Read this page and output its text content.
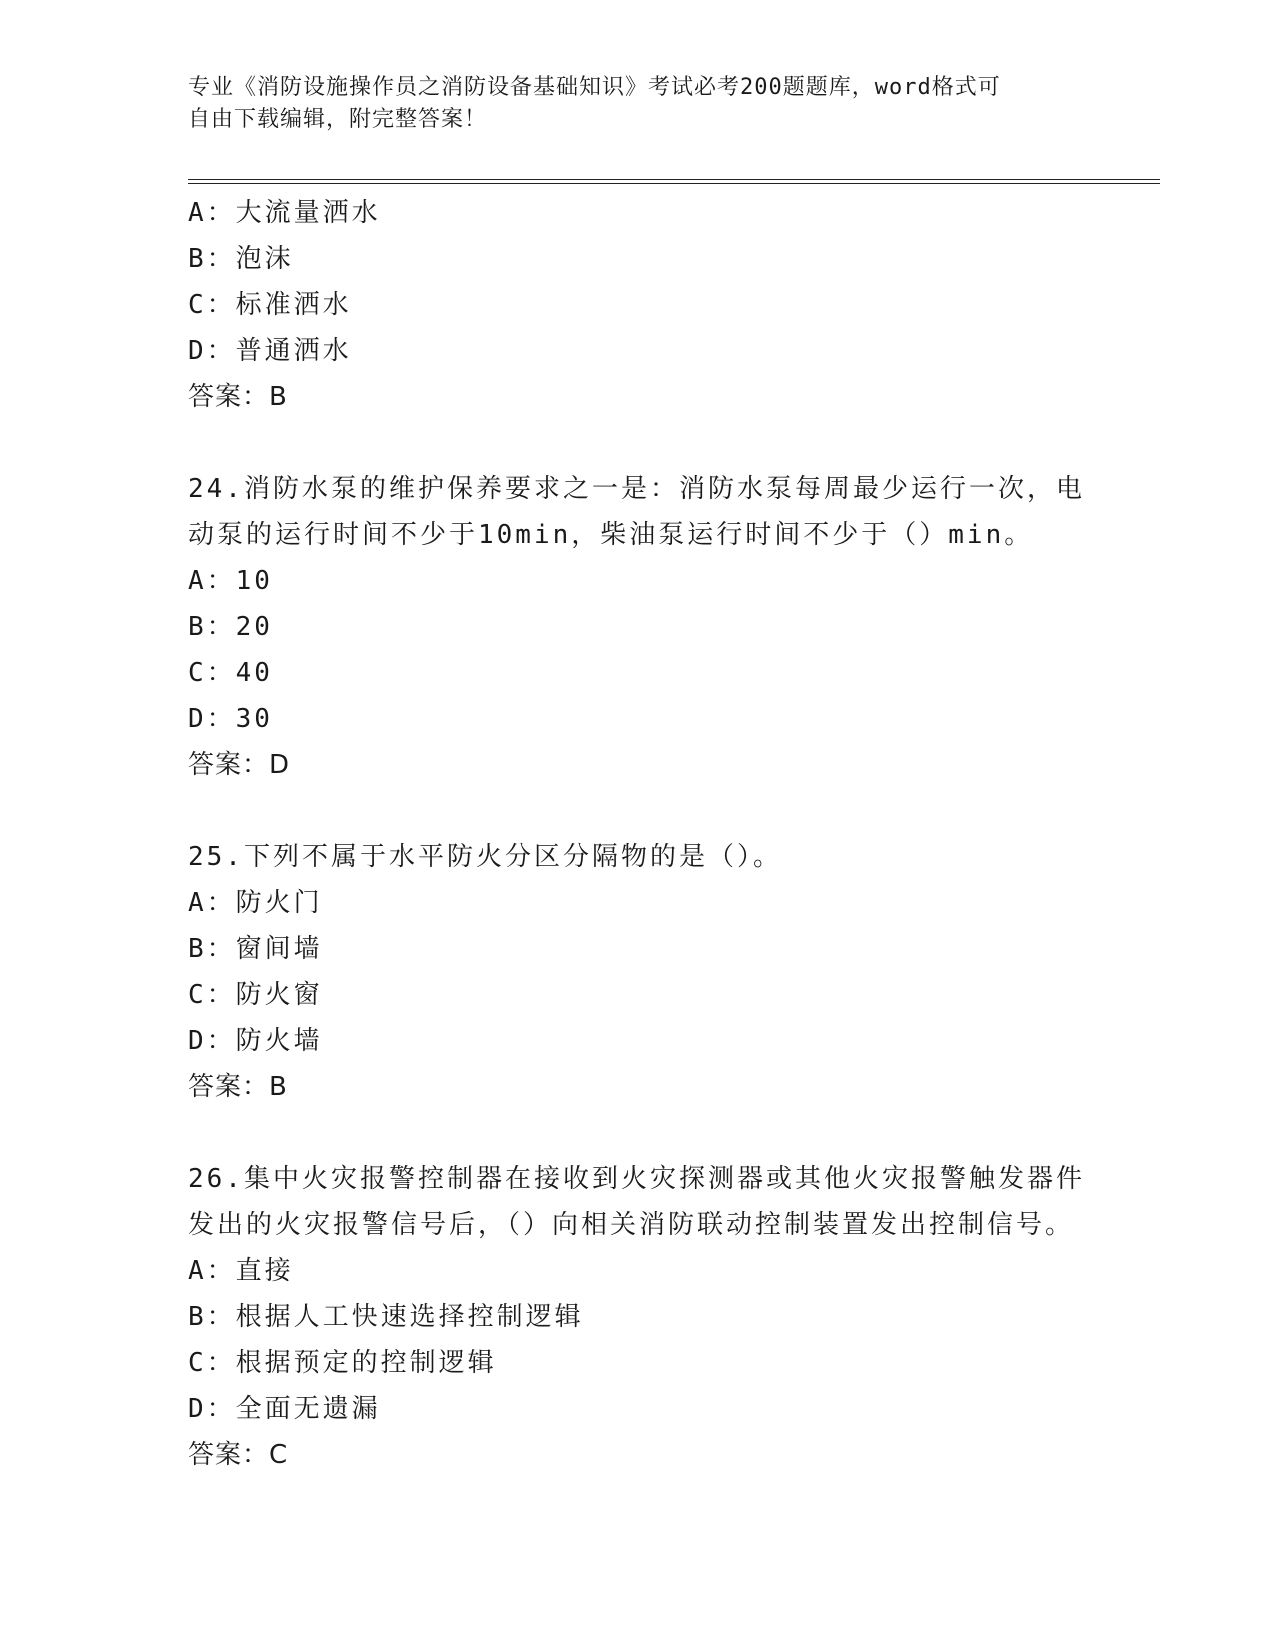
专业《消防设施操作员之消防设备基础知识》考试必考200题题库，word格式可
自由下载编辑，附完整答案！
A：大流量洒水
B：泡沫
C：标准洒水
D：普通洒水
答案：B
24.消防水泵的维护保养要求之一是：消防水泵每周最少运行一次，电
动泵的运行时间不少于10min，柴油泵运行时间不少于（）min。
A：10
B：20
C：40
D：30
答案：D
25.下列不属于水平防火分区分隔物的是（）。
A：防火门
B：窗间墙
C：防火窗
D：防火墙
答案：B
26.集中火灾报警控制器在接收到火灾探测器或其他火灾报警触发器件
发出的火灾报警信号后，（）向相关消防联动控制装置发出控制信号。
A：直接
B：根据人工快速选择控制逻辑
C：根据预定的控制逻辑
D：全面无遗漏
答案：C
